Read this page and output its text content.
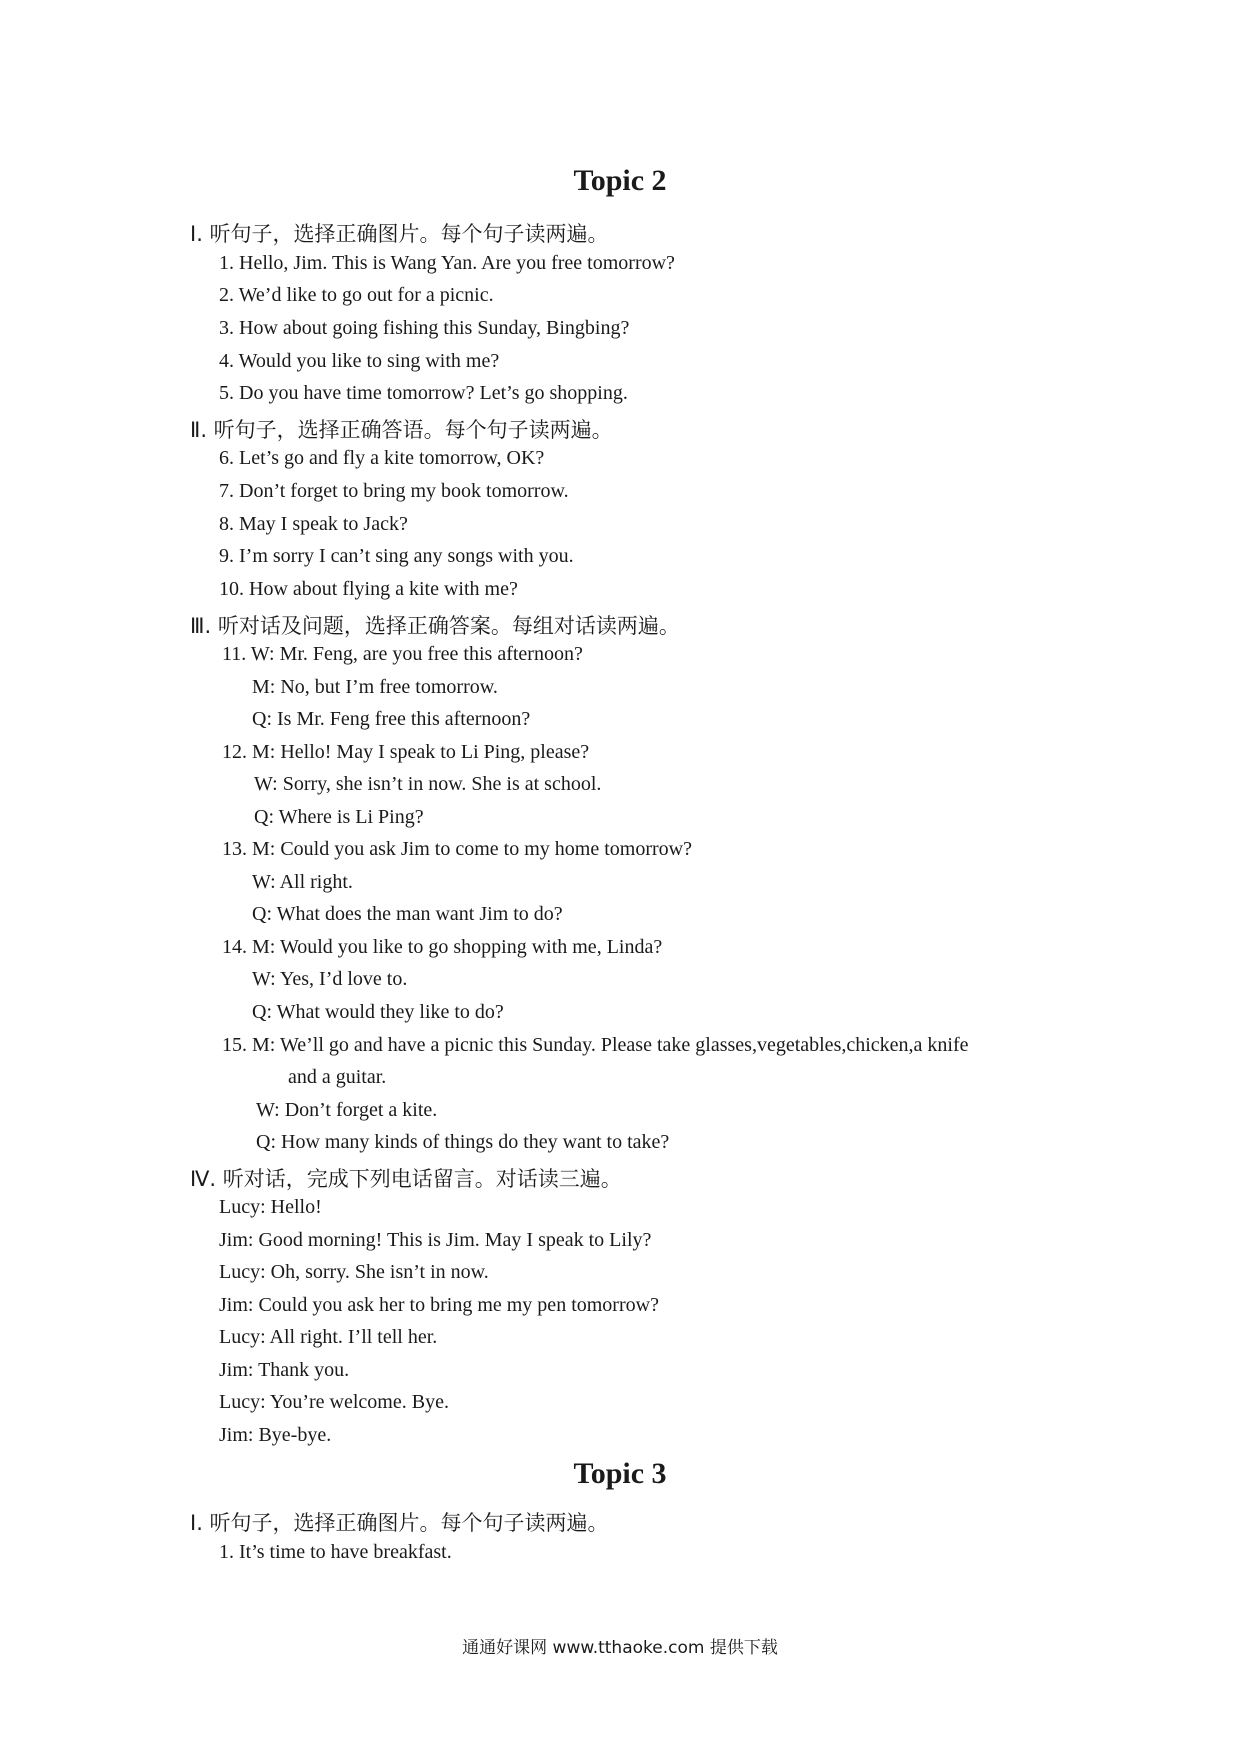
Topic 2
Ⅰ. 听句子，选择正确图片。每个句子读两遍。
1. Hello, Jim. This is Wang Yan. Are you free tomorrow?
2. We’d like to go out for a picnic.
3. How about going fishing this Sunday, Bingbing?
4. Would you like to sing with me?
5. Do you have time tomorrow? Let’s go shopping.
Ⅱ. 听句子，选择正确答语。每个句子读两遍。
6. Let’s go and fly a kite tomorrow, OK?
7. Don’t forget to bring my book tomorrow.
8. May I speak to Jack?
9. I’m sorry I can’t sing any songs with you.
10. How about flying a kite with me?
Ⅲ. 听对话及问题，选择正确答案。每组对话读两遍。
11. W: Mr. Feng, are you free this afternoon?
M: No, but I’m free tomorrow.
Q: Is Mr. Feng free this afternoon?
12. M: Hello! May I speak to Li Ping, please?
W: Sorry, she isn’t in now. She is at school.
Q: Where is Li Ping?
13. M: Could you ask Jim to come to my home tomorrow?
W: All right.
Q: What does the man want Jim to do?
14. M: Would you like to go shopping with me, Linda?
W: Yes, I’d love to.
Q: What would they like to do?
15. M: We’ll go and have a picnic this Sunday. Please take glasses,vegetables,chicken,a knife
and a guitar.
W: Don’t forget a kite.
Q: How many kinds of things do they want to take?
Ⅳ. 听对话，完成下列电话留言。对话读三遍。
Lucy: Hello!
Jim: Good morning! This is Jim. May I speak to Lily?
Lucy: Oh, sorry. She isn’t in now.
Jim: Could you ask her to bring me my pen tomorrow?
Lucy: All right. I’ll tell her.
Jim: Thank you.
Lucy: You’re welcome. Bye.
Jim: Bye-bye.
Topic 3
Ⅰ. 听句子，选择正确图片。每个句子读两遍。
1. It’s time to have breakfast.
通通好课网 www.tthaoke.com 提供下载
